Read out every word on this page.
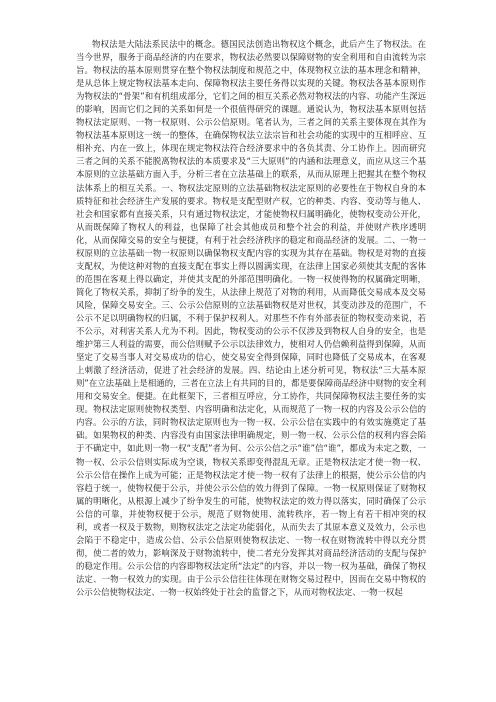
物权法是大陆法系民法中的概念。德国民法创造出物权这个概念，此后产生了物权法。在当今世界，服务于商品经济的内在要求，物权法必然要以保障财物的安全利用和自由流转为宗旨。物权法的基本原则贯穿在整个物权法制度和规范之中，体现物权立法的基本理念和精神，是从总体上规定物权法基本走向、保障物权法主要任务得以实现的关键。物权法各基本原则作为物权法的“骨架”和有机组成部分，它们之间的相互关系必然对物权法的内容、功能产生深远的影响，因而它们之间的关系如何是一个很值得研究的课题。通说认为，物权法基本原则包括物权法定原则、一物一权原则、公示公信原则。笔者认为，三者之间的关系主要体现在其作为物权法基本原则这一统一的整体，在确保物权法立法宗旨和社会功能的实现中的互相呼应、互相补充、内在一致上，体现在规定物权法符合经济要求中的各负其责、分工协作上。因而研究三者之间的关系不能脱离物权法的本质要求及“三大原则”的内涵和法理意义，而应从这三个基本原则的立法基础方面入手，分析三者在立法基础上的联系，从而从原理上把握其在整个物权法体系上的相互关系。一、物权法定原则的立法基础物权法定原则的必要性在于物权自身的本质特征和社会经济生产发展的要求。物权是支配型财产权，它的种类、内容、变动等与他人、社会和国家都有直接关系，只有通过物权法定，才能使物权归属明确化，使物权变动公开化，从而既保障了物权人的利益，也保障了社会其他成员和整个社会的利益，并使财产秩序透明化，从而保障交易的安全与便捷，有利于社会经济秩序的稳定和商品经济的发展。二、一物一权原则的立法基础一物一权原则以确保物权支配内容的实现为其存在基础。物权是对物的直接支配权，为使这种对物的直接支配在事实上得以圆满实现，在法律上国家必须使其支配的客体的范围在客观上得以确定，并使其支配的外部范围明确化。一物一权使得物的权属确定明晰，简化了物权关系，抑制了纷争的发生，从法律上规范了对物的利用，从而降低交易成本及交易风险，保障交易安全。三、公示公信原则的立法基础物权是对世权，其变动涉及的范围广，不公示不足以明确物权的归属，不利于保护权利人。对那些不作有外部表征的物权变动来说，若不公示，对利害关系人尤为不利。因此，物权变动的公示不仅涉及到物权人自身的安全，也是维护第三人利益的需要，而公信则赋予公示以法律效力，使相对人仍信赖利益得到保障，从而坚定了交易当事人对交易成功的信心，使交易安全得到保障，同时也降低了交易成本，在客观上刺激了经济活动，促进了社会经济的发展。四、结论由上述分析可见，物权法“三大基本原则”在立法基础上是相通的，三者在立法上有共同的目的，都是要保障商品经济中财物的安全利用和交易安全。便捷。在此框架下，三者相互呼应，分工协作，共同保障物权法主要任务的实现。物权法定原则使物权类型、内容明确和法定化，从而规范了一物一权的内容及公示公信的内容。公示的方法，同时物权法定原则也为一物一权、公示公信在实践中的有效实施奠定了基础。如果物权的种类、内容没有由国家法律明确规定，则一物一权、公示公信的权利内容会陷于不确定中，如此则一物一权“支配”者为何、公示公信之示“谁”信“谁”，都成为未定之数，一物一权、公示公信则实际成为空谈，物权关系即变得混乱无章。正是物权法定才使一物一权、公示公信在操作上成为可能；正是物权法定才使一物一权有了法律上的根据，使公示公信的内容趋于统一，使物权便于公示，并使公示公信的效力得到了保障。一物一权原则保证了财物权属的明晰化，从根源上减少了纷争发生的可能，使物权法定的效力得以落实，同时确保了公示公信的可靠，并使物权便于公示，规范了财物使用、流转秩序，若一物上有若干相冲突的权利，或者一权及于数物，则物权法定之法定功能弱化，从而失去了其原本意义及效力，公示也会陷于不稳定中，造成公信、公示公信原则使物权法定、一物一权在财物流转中得以充分贯彻，使二者的效力，影响深及于财物流转中，使二者充分发挥其对商品经济活动的支配与保护的稳定作用。公示公信的内容即物权法定所“法定”的内容，并以一物一权为基础，确保了物权法定、一物一权效力的实现。由于公示公信往往体现在财物交易过程中，因而在交易中物权的公示公信使物权法定、一物一权始终处于社会的监督之下，从而对物权法定、一物一权起
